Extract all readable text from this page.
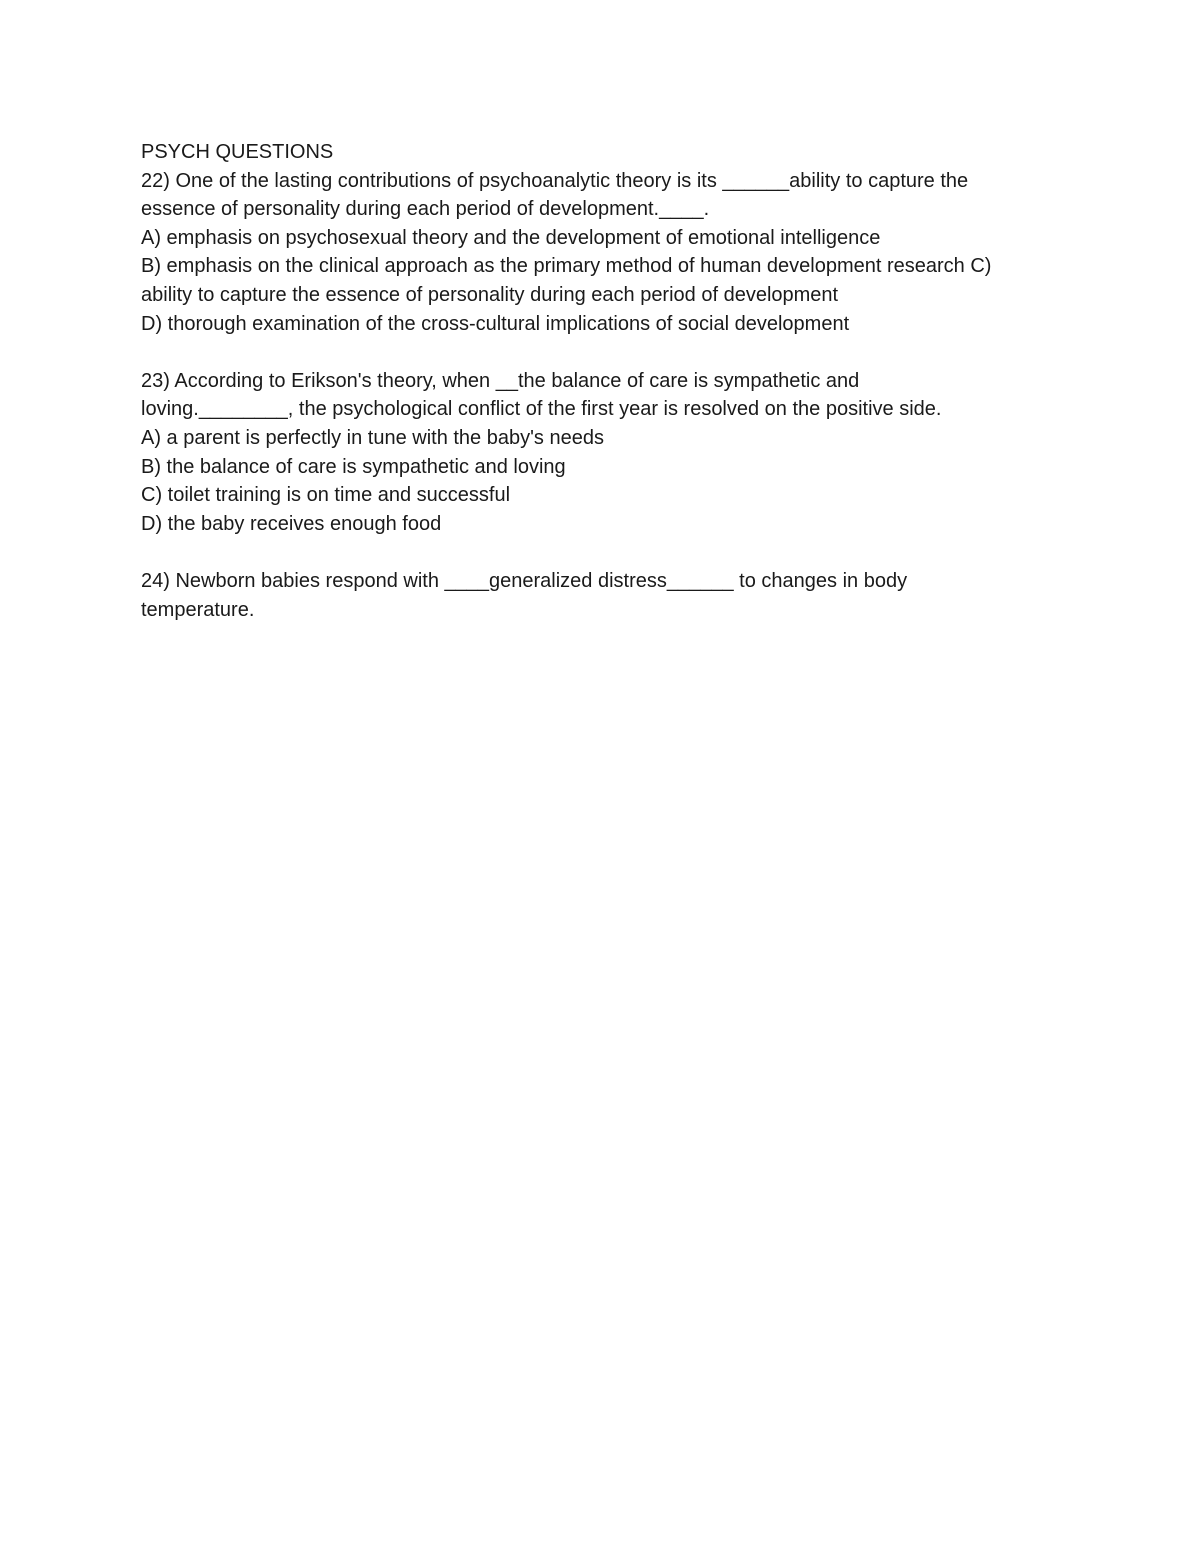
PSYCH QUESTIONS
22) One of the lasting contributions of psychoanalytic theory is its ______ability to capture the
essence of personality during each period of development.____.
A) emphasis on psychosexual theory and the development of emotional intelligence
B) emphasis on the clinical approach as the primary method of human development research C)
ability to capture the essence of personality during each period of development
D) thorough examination of the cross-cultural implications of social development
23) According to Erikson's theory, when __the balance of care is sympathetic and
loving.________, the psychological conflict of the first year is resolved on the positive side.
A) a parent is perfectly in tune with the baby's needs
B) the balance of care is sympathetic and loving
C) toilet training is on time and successful
D) the baby receives enough food
24) Newborn babies respond with ____generalized distress______ to changes in body
temperature.
